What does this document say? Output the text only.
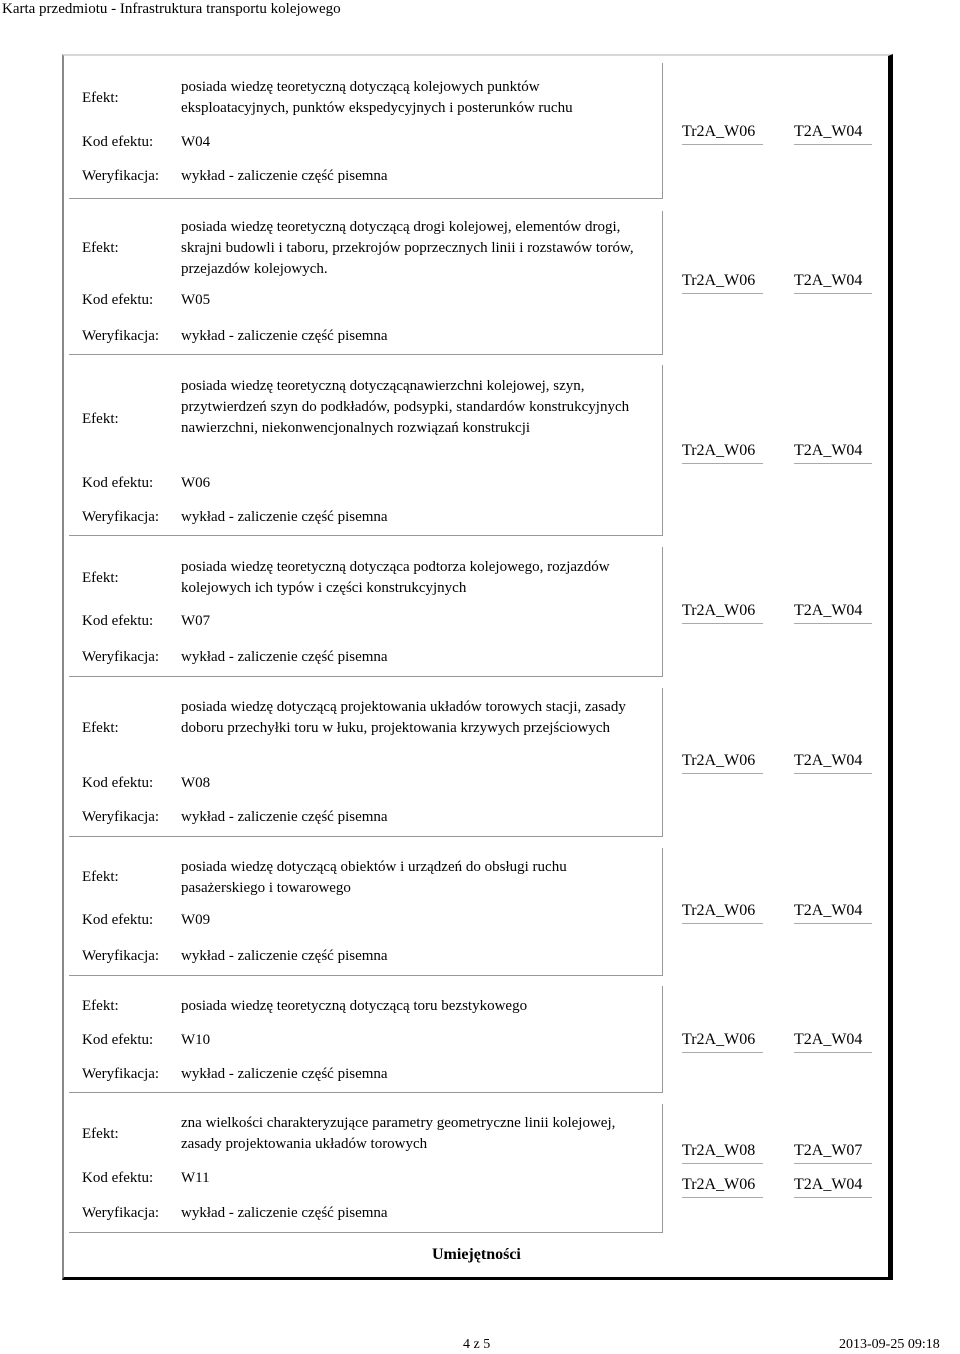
Karta przedmiotu - Infrastruktura transportu kolejowego
Efekt:
posiada wiedzę teoretyczną dotyczącą kolejowych punktów eksploatacyjnych, punktów ekspedycyjnych i posterunków ruchu
Kod efektu: W04
Weryfikacja: wykład - zaliczenie część pisemna
Tr2A_W06	T2A_W04
Efekt:
posiada wiedzę teoretyczną dotyczącą drogi kolejowej, elementów drogi, skrajni budowli i taboru, przekrojów poprzecznych linii i rozstawów torów, przejazdów kolejowych.
Kod efektu: W05
Weryfikacja: wykład - zaliczenie część pisemna
Tr2A_W06	T2A_W04
Efekt:
posiada wiedzę teoretyczną dotyczącąnawierzchni kolejowej, szyn, przytwierdzeń szyn do podkładów, podsypki, standardów konstrukcyjnych nawierzchni, niekonwencjonalnych rozwiązań konstrukcji
Kod efektu: W06
Weryfikacja: wykład - zaliczenie część pisemna
Tr2A_W06	T2A_W04
Efekt:
posiada wiedzę teoretyczną dotycząca podtorza kolejowego, rozjazdów kolejowych ich typów i części konstrukcyjnych
Kod efektu: W07
Weryfikacja: wykład - zaliczenie część pisemna
Tr2A_W06	T2A_W04
Efekt:
posiada wiedzę dotyczącą projektowania układów torowych stacji, zasady doboru przechyłki toru w łuku, projektowania krzywych przejściowych
Kod efektu: W08
Weryfikacja: wykład - zaliczenie część pisemna
Tr2A_W06	T2A_W04
Efekt:
posiada wiedzę dotyczącą obiektów i urządzeń do obsługi ruchu pasażerskiego i towarowego
Kod efektu: W09
Weryfikacja: wykład - zaliczenie część pisemna
Tr2A_W06	T2A_W04
Efekt:	posiada wiedzę teoretyczną dotyczącą toru bezstykowego
Kod efektu: W10
Weryfikacja: wykład - zaliczenie część pisemna
Tr2A_W06	T2A_W04
Efekt:
zna wielkości charakteryzujące parametry geometryczne linii kolejowej, zasady projektowania układów torowych
Kod efektu: W11
Weryfikacja: wykład - zaliczenie część pisemna
Tr2A_W08	T2A_W07
Tr2A_W06	T2A_W04
Umiejętności
4 z 5	2013-09-25 09:18
